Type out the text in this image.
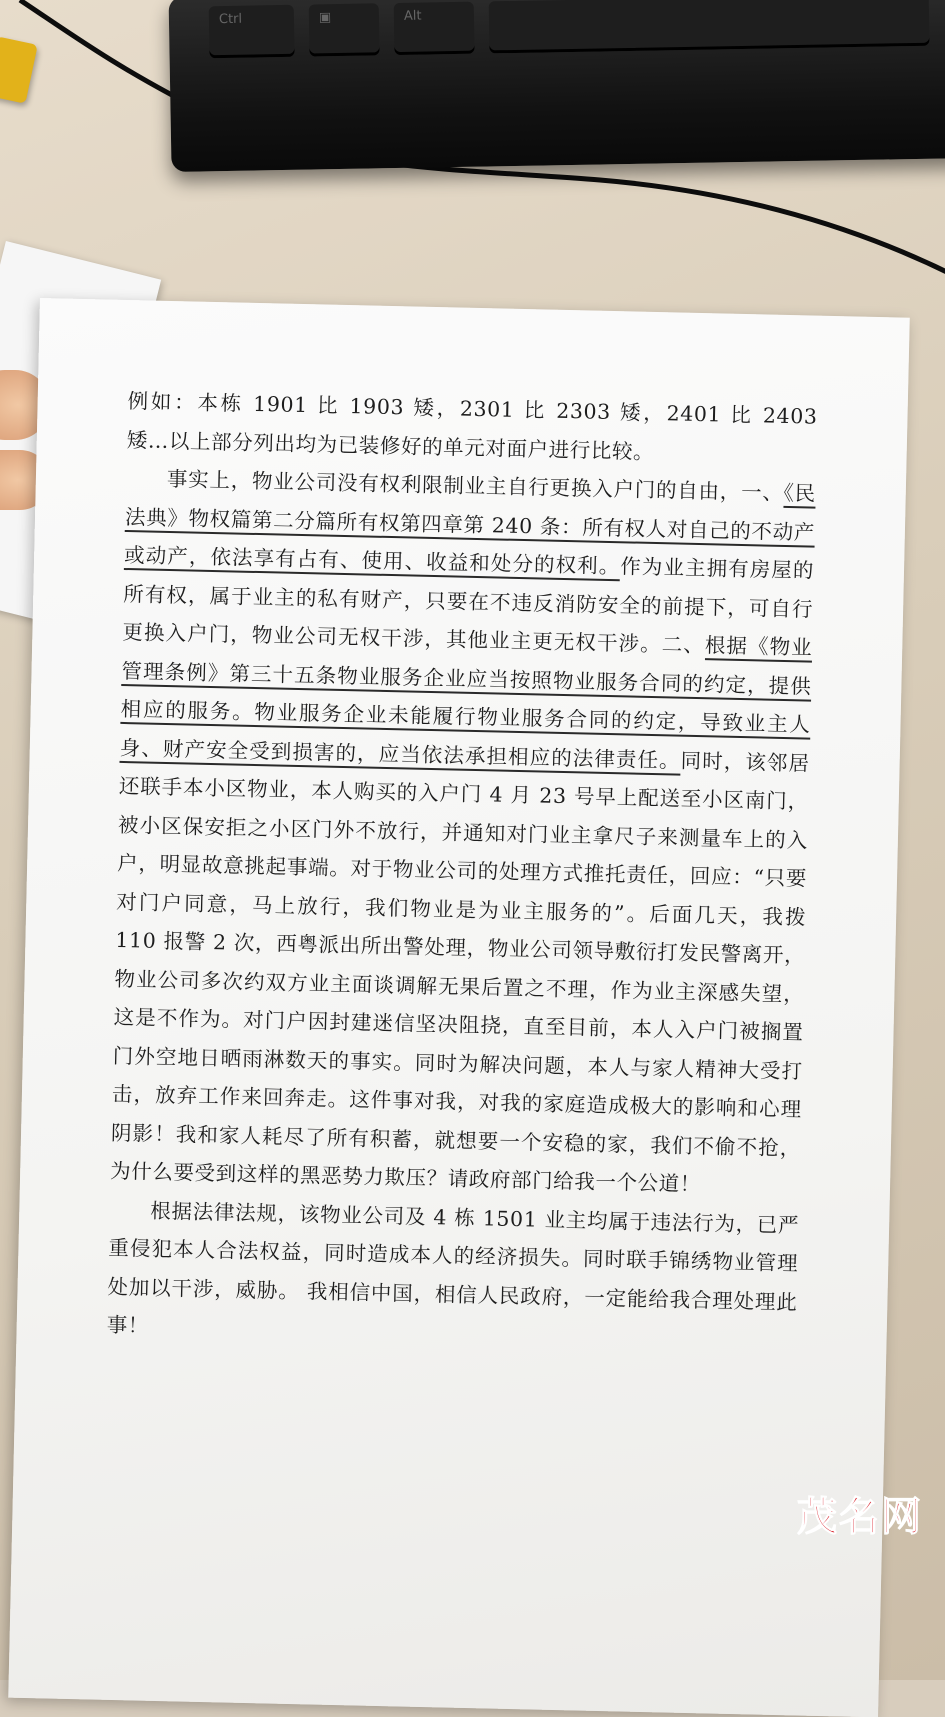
Ctrl	▣	Alt

例如：本栋 1901 比 1903 矮，2301 比 2303 矮，2401 比 2403 矮…以上部分列出均为已装修好的单元对面户进行比较。

事实上，物业公司没有权利限制业主自行更换入户门的自由，一、《民法典》物权篇第二分篇所有权第四章第 240 条：所有权人对自己的不动产或动产，依法享有占有、使用、收益和处分的权利。作为业主拥有房屋的所有权，属于业主的私有财产，只要在不违反消防安全的前提下，可自行更换入户门，物业公司无权干涉，其他业主更无权干涉。二、根据《物业管理条例》第三十五条物业服务企业应当按照物业服务合同的约定，提供相应的服务。物业服务企业未能履行物业服务合同的约定，导致业主人身、财产安全受到损害的，应当依法承担相应的法律责任。同时，该邻居还联手本小区物业，本人购买的入户门 4 月 23 号早上配送至小区南门，被小区保安拒之小区门外不放行，并通知对门业主拿尺子来测量车上的入户，明显故意挑起事端。对于物业公司的处理方式推托责任，回应：“只要对门户同意，马上放行，我们物业是为业主服务的”。后面几天，我拨 110 报警 2 次，西粤派出所出警处理，物业公司领导敷衍打发民警离开，物业公司多次约双方业主面谈调解无果后置之不理，作为业主深感失望，这是不作为。对门户因封建迷信坚决阻挠，直至目前，本人入户门被搁置门外空地日晒雨淋数天的事实。同时为解决问题，本人与家人精神大受打击，放弃工作来回奔走。这件事对我，对我的家庭造成极大的影响和心理阴影！我和家人耗尽了所有积蓄，就想要一个安稳的家，我们不偷不抢，为什么要受到这样的黑恶势力欺压？请政府部门给我一个公道！

根据法律法规，该物业公司及 4 栋 1501 业主均属于违法行为，已严重侵犯本人合法权益，同时造成本人的经济损失。同时联手锦绣物业管理处加以干涉，威胁。 我相信中国，相信人民政府，一定能给我合理处理此事！

茂名网
